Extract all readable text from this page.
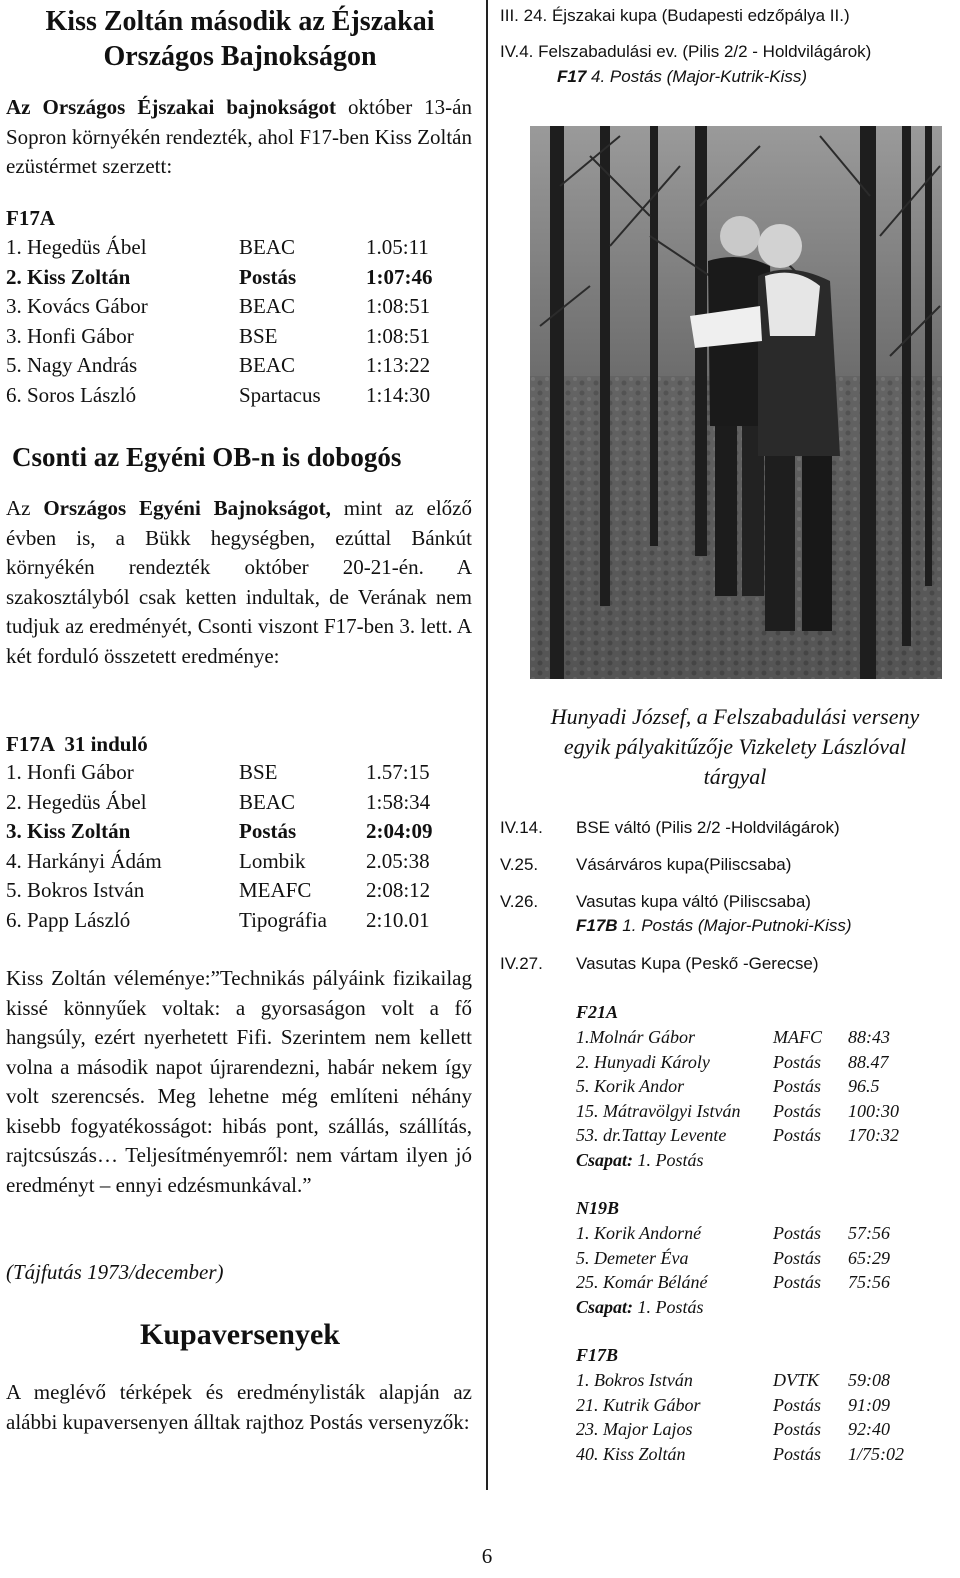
Kiss Zoltán második az Éjszakai
Országos Bajnokságon
Az Országos Éjszakai bajnokságot október 13-án Sopron környékén rendezték, ahol F17-ben Kiss Zoltán ezüstérmet szerzett:
F17A
1. Hegedüs Ábel	BEAC	1.05:11
2. Kiss Zoltán	Postás	1:07:46
3. Kovács Gábor	BEAC	1:08:51
3. Honfi Gábor	BSE	1:08:51
5. Nagy András	BEAC	1:13:22
6. Soros László	Spartacus 1:14:30
Csonti az Egyéni OB-n is dobogós
Az Országos Egyéni Bajnokságot, mint az előző évben is, a Bükk hegységben, ezúttal Bánkút környékén rendezték október 20-21-én. A szakosztályból csak ketten indultak, de Verának nem tudjuk az eredményét, Csonti viszont F17-ben 3. lett. A két forduló összetett eredménye:
F17A  31 induló
1. Honfi Gábor	BSE	1.57:15
2. Hegedüs Ábel	BEAC	1:58:34
3. Kiss Zoltán	Postás	2:04:09
4. Harkányi Ádám	Lombik	2.05:38
5. Bokros István	MEAFC	2:08:12
6. Papp László	Tipográfia 2:10.01
Kiss Zoltán véleménye:”Technikás pályáink fizikailag kissé könnyűek voltak: a gyorsaságon volt a fő hangsúly, ezért nyerhetett Fifi. Szerintem nem kellett volna a második napot újrarendezni, habár nekem így volt szerencsés. Meg lehetne még említeni néhány kisebb fogyatékosságot: hibás pont, szállás, szállítás, rajtcsúszás… Teljesítményemről: nem vártam ilyen jó eredményt – ennyi edzésmunkával.”
(Tájfutás 1973/december)
Kupaversenyek
A meglévő térképek és eredménylisták alapján az alábbi kupaversenyen álltak rajthoz Postás versenyzők:
III. 24. Éjszakai kupa (Budapesti edzőpálya II.)
IV.4. Felszabadulási ev. (Pilis 2/2 - Holdvilágárok)
F17 4. Postás (Major-Kutrik-Kiss)
Hunyadi József, a Felszabadulási verseny
egyik pályakitűzője Vizkelety Lászlóval
tárgyal
IV.14. BSE váltó (Pilis 2/2 -Holdvilágárok)
V.25. Vásárváros kupa(Piliscsaba)
V.26. Vasutas kupa váltó (Piliscsaba)
F17B 1. Postás (Major-Putnoki-Kiss)
IV.27. Vasutas Kupa (Peskő -Gerecse)
F21A
1.Molnár Gábor	MAFC 88:43
2. Hunyadi Károly	Postás 88.47
5. Korik Andor	Postás 96.5
15. Mátravölgyi István Postás 100:30
53. dr.Tattay Levente	Postás 170:32
Csapat: 1. Postás
N19B
1. Korik Andorné	Postás 57:56
5. Demeter Éva	Postás 65:29
25. Komár Béláné	Postás 75:56
Csapat: 1. Postás
F17B
1. Bokros István	DVTK 59:08
21. Kutrik Gábor	Postás 91:09
23. Major Lajos	Postás 92:40
40. Kiss Zoltán	Postás 1/75:02
6
